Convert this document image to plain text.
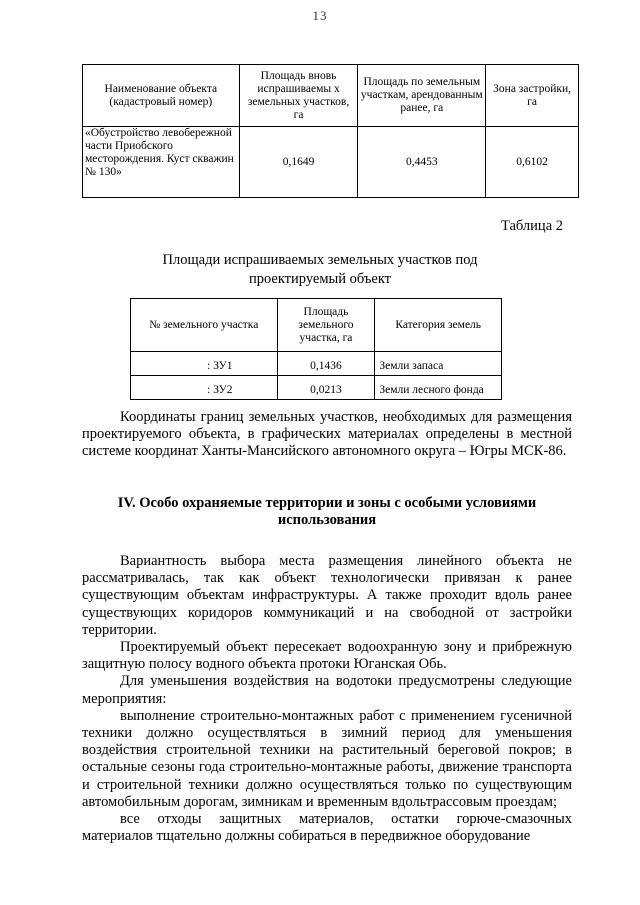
13
Наименование объекта (кадастровый номер)	Площадь вновь испрашиваемы х земельных участков, га	Площадь по земельным участкам, арендованным ранее, га	Зона застройки, га
«Обустройство левобережной части Приобского месторождения. Куст скважин № 130»	0,1649	0,4453	0,6102
Таблица 2
Площади испрашиваемых земельных участков под
проектируемый объект
№ земельного участка	Площадь земельного участка, га	Категория земель
: ЗУ1	0,1436	Земли запаса
: ЗУ2	0,0213	Земли лесного фонда

Координаты границ земельных участков, необходимых для размещения проектируемого объекта, в графических материалах определены в местной системе координат Ханты-Мансийского автономного округа – Югры МСК-86.

IV. Особо охраняемые территории и зоны с особыми условиями использования

Вариантность выбора места размещения линейного объекта не рассматривалась, так как объект технологически привязан к ранее существующим объектам инфраструктуры. А также проходит вдоль ранее существующих коридоров коммуникаций и на свободной от застройки территории.

Проектируемый объект пересекает водоохранную зону и прибрежную защитную полосу водного объекта протоки Юганская Обь.

Для уменьшения воздействия на водотоки предусмотрены следующие мероприятия:

выполнение строительно-монтажных работ с применением гусеничной техники должно осуществляться в зимний период для уменьшения воздействия строительной техники на растительный береговой покров; в остальные сезоны года строительно-монтажные работы, движение транспорта и строительной техники должно осуществляться только по существующим автомобильным дорогам, зимникам и временным вдольтрассовым проездам;

все отходы защитных материалов, остатки горюче-смазочных материалов тщательно должны собираться в передвижное оборудование
